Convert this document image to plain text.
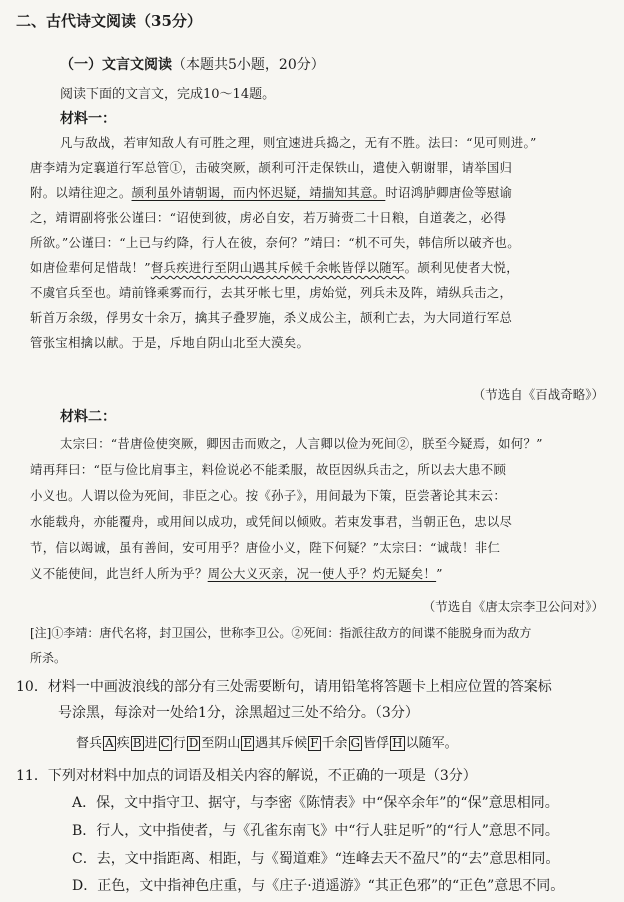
二、古代诗文阅读（35分）
（一）文言文阅读（本题共5小题，20分）
阅读下面的文言文，完成10～14题。
材料一：
凡与敌战，若审知敌人有可胜之理，则宜速进兵捣之，无有不胜。法曰：“见可则进。”
唐李靖为定襄道行军总管①，击破突厥，颉利可汗走保铁山，遣使入朝谢罪，请举国归
附。以靖往迎之。颉利虽外请朝谒，而内怀迟疑，靖揣知其意。时诏鸿胪卿唐俭等慰谕
之，靖谓副将张公谨曰：“诏使到彼，虏必自安，若万骑赍二十日粮，自道袭之，必得
所欲。”公谨曰：“上已与约降，行人在彼，奈何？”靖曰：“机不可失，韩信所以破齐也。
如唐俭辈何足惜哉！”督兵疾进行至阴山遇其斥候千余帐皆俘以随军。颉利见使者大悦，
不虞官兵至也。靖前锋乘雾而行，去其牙帐七里，虏始觉，列兵未及阵，靖纵兵击之，
斩首万余级，俘男女十余万，擒其子叠罗施，杀义成公主，颉利亡去，为大同道行军总
管张宝相擒以献。于是，斥地自阴山北至大漠矣。
（节选自《百战奇略》）
材料二：
太宗曰：“昔唐俭使突厥，卿因击而败之，人言卿以俭为死间②，朕至今疑焉，如何？”
靖再拜曰：“臣与俭比肩事主，料俭说必不能柔服，故臣因纵兵击之，所以去大患不顾
小义也。人谓以俭为死间，非臣之心。按《孙子》，用间最为下策，臣尝著论其末云：
水能载舟，亦能覆舟，或用间以成功，或凭间以倾败。若束发事君，当朝正色，忠以尽
节，信以竭诚，虽有善间，安可用乎？唐俭小义，陛下何疑？”太宗曰：“诚哉！非仁
义不能使间，此岂纤人所为乎？周公大义灭亲，况一使人乎？灼无疑矣！”
（节选自《唐太宗李卫公问对》）
[注]①李靖：唐代名将，封卫国公，世称李卫公。②死间：指派往敌方的间谍不能脱身而为敌方
所杀。
10．材料一中画波浪线的部分有三处需要断句，请用铅笔将答题卡上相应位置的答案标
号涂黑，每涂对一处给1分，涂黑超过三处不给分。（3分）
督兵 A 疾 B 进 C 行 D 至阴山 E 遇其斥候 F 千余 G 皆俘 H 以随军。
11．下列对材料中加点的词语及相关内容的解说，不正确的一项是（3分）
A．保，文中指守卫、据守，与李密《陈情表》中“保卒余年”的“保”意思相同。
B．行人，文中指使者，与《孔雀东南飞》中“行人驻足听”的“行人”意思不同。
C．去，文中指距离、相距，与《蜀道难》“连峰去天不盈尺”的“去”意思相同。
D．正色，文中指神色庄重，与《庄子·逍遥游》“其正色邪”的“正色”意思不同。
